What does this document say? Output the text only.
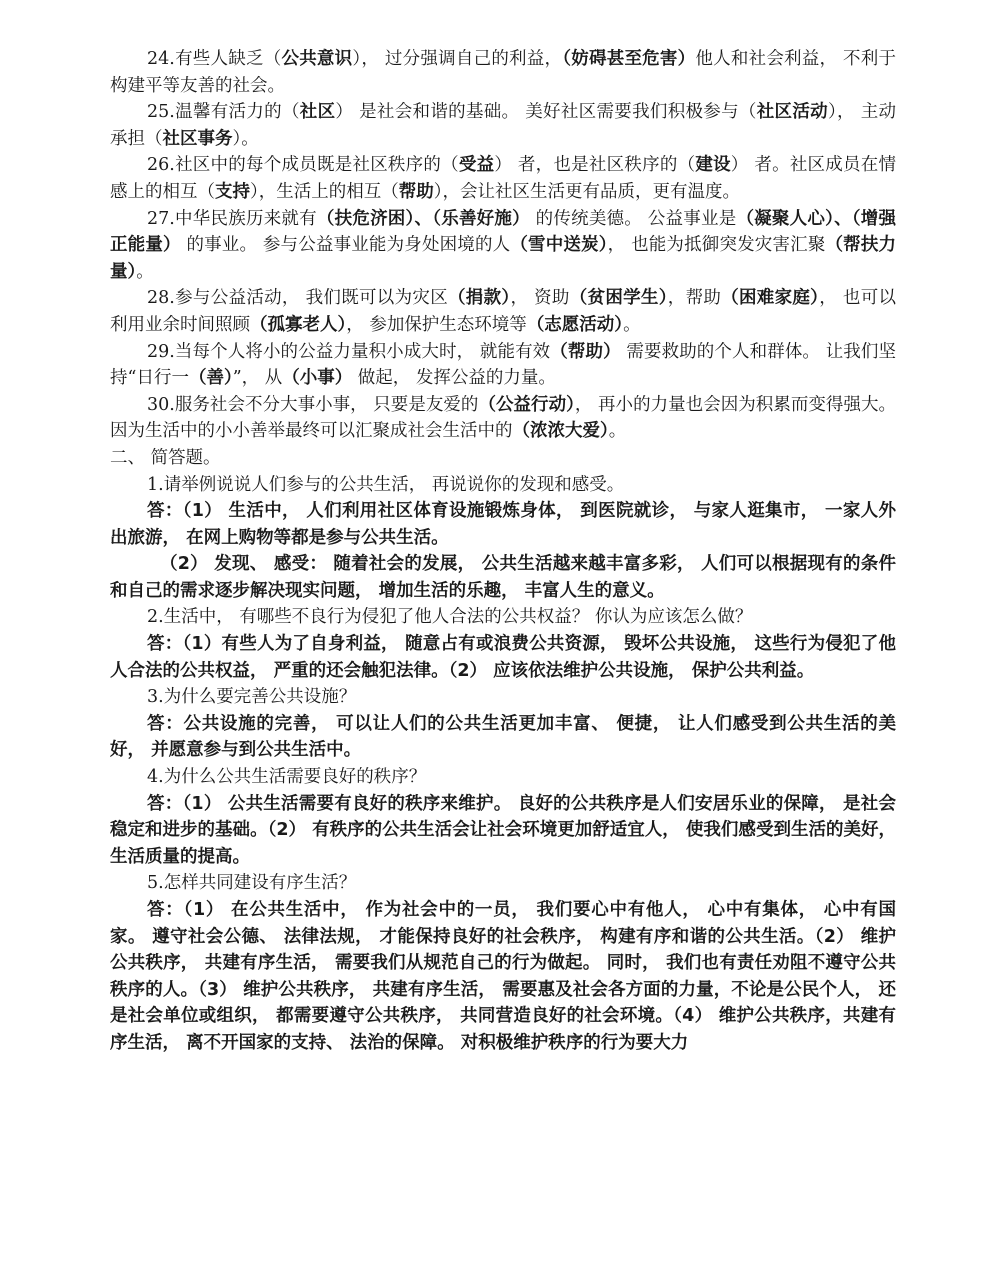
24.有些人缺乏（公共意识）， 过分强调自己的利益，（妨碍甚至危害）他人和社会利益， 不利于构建平等友善的社会。

25.温馨有活力的（社区） 是社会和谐的基础。 美好社区需要我们积极参与（社区活动）， 主动承担（社区事务）。

26.社区中的每个成员既是社区秩序的（受益） 者，也是社区秩序的（建设） 者。社区成员在情感上的相互（支持），生活上的相互（帮助），会让社区生活更有品质，更有温度。

27.中华民族历来就有（扶危济困）、（乐善好施） 的传统美德。 公益事业是（凝聚人心）、（增强正能量） 的事业。 参与公益事业能为身处困境的人（雪中送炭）， 也能为抵御突发灾害汇聚（帮扶力量）。

28.参与公益活动， 我们既可以为灾区（捐款）， 资助（贫困学生），帮助（困难家庭）， 也可以利用业余时间照顾（孤寡老人）， 参加保护生态环境等（志愿活动）。

29.当每个人将小的公益力量积小成大时， 就能有效（帮助） 需要救助的个人和群体。 让我们坚持“日行一（善）”， 从（小事） 做起， 发挥公益的力量。

30.服务社会不分大事小事， 只要是友爱的（公益行动）， 再小的力量也会因为积累而变得强大。 因为生活中的小小善举最终可以汇聚成社会生活中的（浓浓大爱）。

二、 简答题。

1.请举例说说人们参与的公共生活， 再说说你的发现和感受。

答：（1） 生活中， 人们利用社区体育设施锻炼身体， 到医院就诊， 与家人逛集市， 一家人外出旅游， 在网上购物等都是参与公共生活。

（2） 发现、 感受： 随着社会的发展， 公共生活越来越丰富多彩， 人们可以根据现有的条件和自己的需求逐步解决现实问题， 增加生活的乐趣， 丰富人生的意义。

2.生活中， 有哪些不良行为侵犯了他人合法的公共权益？ 你认为应该怎么做？

答：（1）有些人为了自身利益， 随意占有或浪费公共资源， 毁坏公共设施， 这些行为侵犯了他人合法的公共权益， 严重的还会触犯法律。（2） 应该依法维护公共设施， 保护公共利益。

3.为什么要完善公共设施？

答：公共设施的完善， 可以让人们的公共生活更加丰富、 便捷， 让人们感受到公共生活的美好， 并愿意参与到公共生活中。

4.为什么公共生活需要良好的秩序？

答：（1） 公共生活需要有良好的秩序来维护。 良好的公共秩序是人们安居乐业的保障， 是社会稳定和进步的基础。（2） 有秩序的公共生活会让社会环境更加舒适宜人， 使我们感受到生活的美好， 生活质量的提高。

5.怎样共同建设有序生活？

答：（1） 在公共生活中， 作为社会中的一员， 我们要心中有他人， 心中有集体， 心中有国家。 遵守社会公德、 法律法规， 才能保持良好的社会秩序， 构建有序和谐的公共生活。（2） 维护公共秩序， 共建有序生活， 需要我们从规范自己的行为做起。 同时， 我们也有责任劝阻不遵守公共秩序的人。（3） 维护公共秩序， 共建有序生活， 需要惠及社会各方面的力量，不论是公民个人， 还是社会单位或组织， 都需要遵守公共秩序， 共同营造良好的社会环境。（4） 维护公共秩序，共建有序生活， 离不开国家的支持、 法治的保障。 对积极维护秩序的行为要大力
